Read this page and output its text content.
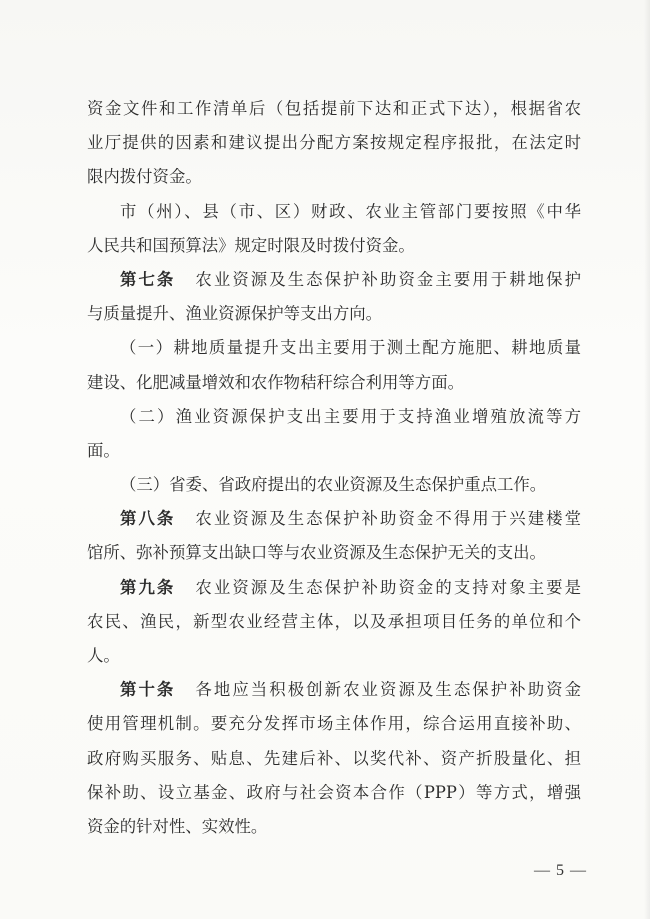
资金文件和工作清单后（包括提前下达和正式下达），根据省农
业厅提供的因素和建议提出分配方案按规定程序报批，在法定时
限内拨付资金。
市（州）、县（市、区）财政、农业主管部门要按照《中华
人民共和国预算法》规定时限及时拨付资金。
第七条 农业资源及生态保护补助资金主要用于耕地保护
与质量提升、渔业资源保护等支出方向。
（一）耕地质量提升支出主要用于测土配方施肥、耕地质量
建设、化肥减量增效和农作物秸秆综合利用等方面。
（二）渔业资源保护支出主要用于支持渔业增殖放流等方
面。
（三）省委、省政府提出的农业资源及生态保护重点工作。
第八条 农业资源及生态保护补助资金不得用于兴建楼堂
馆所、弥补预算支出缺口等与农业资源及生态保护无关的支出。
第九条 农业资源及生态保护补助资金的支持对象主要是
农民、渔民，新型农业经营主体，以及承担项目任务的单位和个
人。
第十条 各地应当积极创新农业资源及生态保护补助资金
使用管理机制。要充分发挥市场主体作用，综合运用直接补助、
政府购买服务、贴息、先建后补、以奖代补、资产折股量化、担
保补助、设立基金、政府与社会资本合作（PPP）等方式，增强
资金的针对性、实效性。
— 5 —
